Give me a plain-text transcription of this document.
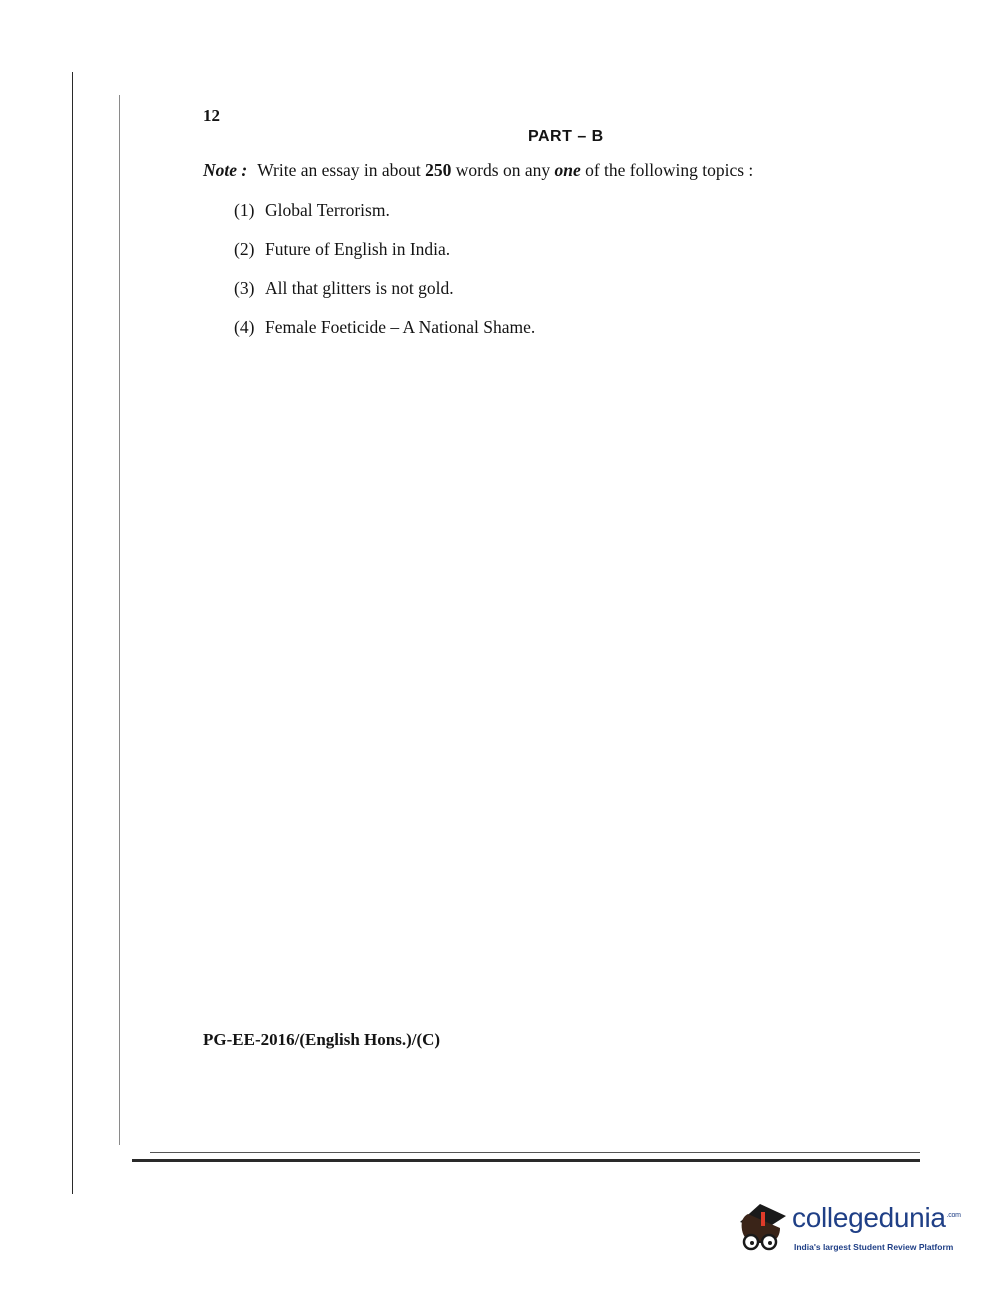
12
PART – B
Note : Write an essay in about 250 words on any one of the following topics :
(1) Global Terrorism.
(2) Future of English in India.
(3) All that glitters is not gold.
(4) Female Foeticide – A National Shame.
PG-EE-2016/(English Hons.)/(C)
collegedunia$^{.com}$
India's largest Student Review Platform
